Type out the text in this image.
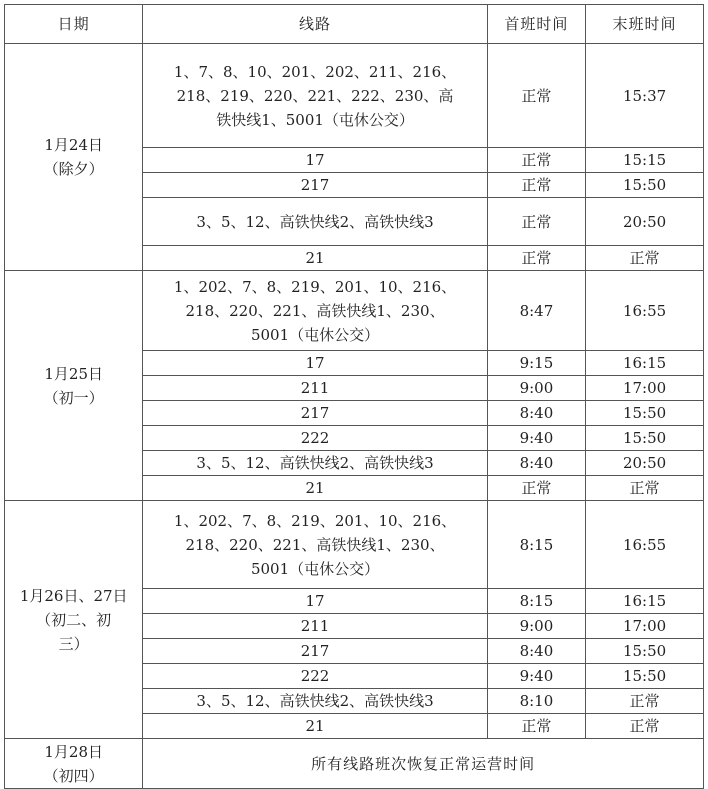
日期	线路	首班时间	末班时间

1月24日
（除夕）	1、7、8、10、201、202、211、216、
218、219、220、221、222、230、高
铁快线1、5001（屯休公交）	正常	15:37

	17	正常	15:15

	217	正常	15:50

	3、5、12、高铁快线2、高铁快线3	正常	20:50

	21	正常	正常

1月25日
（初一）	1、202、7、8、219、201、10、216、
218、220、221、高铁快线1、230、
5001（屯休公交）	8:47	16:55

	17	9:15	16:15

	211	9:00	17:00

	217	8:40	15:50

	222	9:40	15:50

	3、5、12、高铁快线2、高铁快线3	8:40	20:50

	21	正常	正常

1月26日、27日
（初二、初
三）	1、202、7、8、219、201、10、216、
218、220、221、高铁快线1、230、
5001（屯休公交）	8:15	16:55

	17	8:15	16:15

	211	9:00	17:00

	217	8:40	15:50

	222	9:40	15:50

	3、5、12、高铁快线2、高铁快线3	8:10	正常

	21	正常	正常

1月28日
（初四）	所有线路班次恢复正常运营时间		
